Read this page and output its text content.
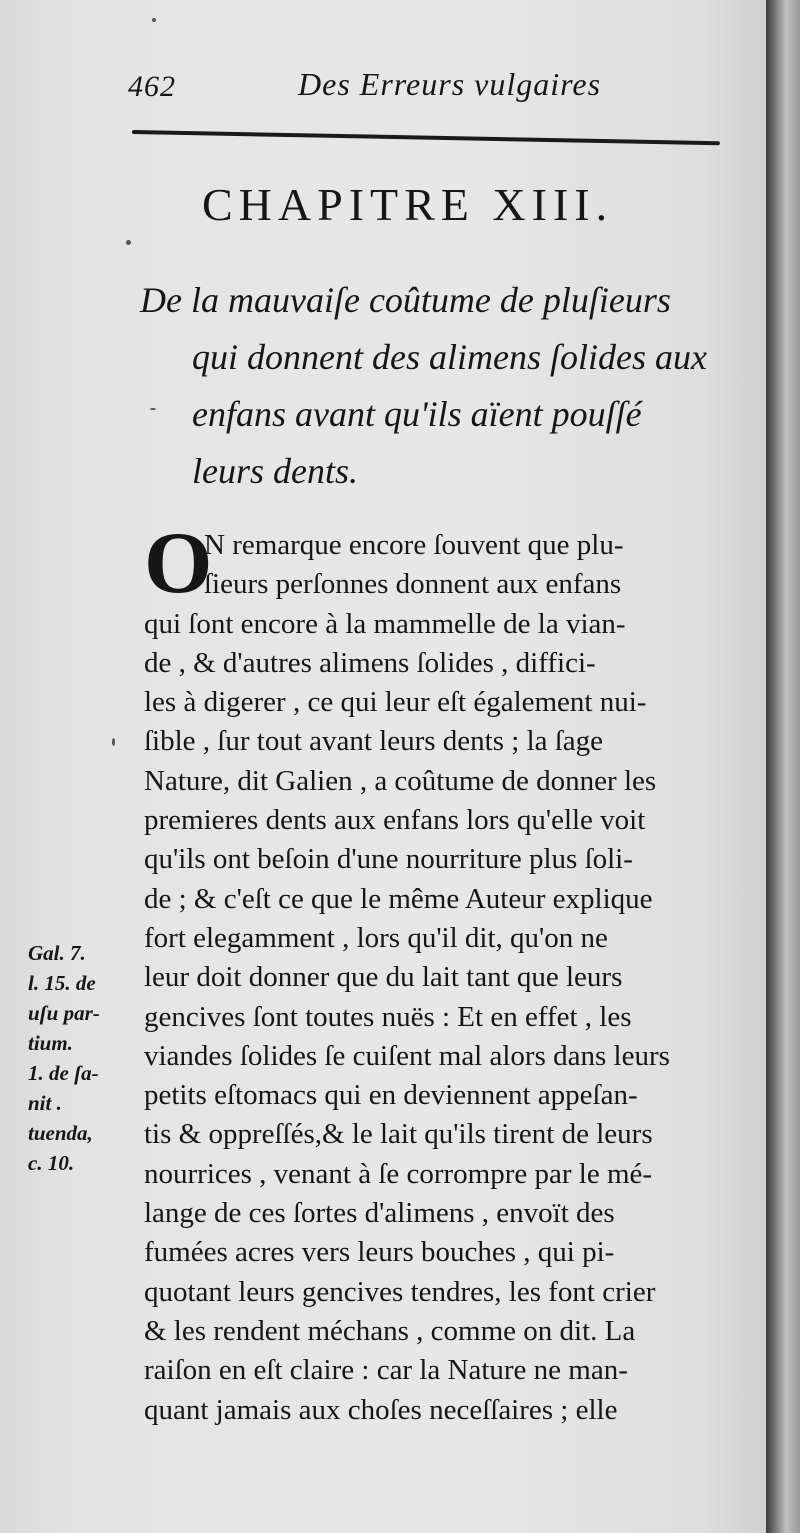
462	Des Erreurs vulgaires
CHAPITRE XIII.
De la mauvaiſe coûtume de pluſieurs
qui donnent des alimens ſolides aux
enfans avant qu'ils aïent pouſſé
leurs dents.
O
N remarque encore ſouvent que plu-
ſieurs perſonnes donnent aux enfans
qui ſont encore à la mammelle de la vian-
de , & d'autres alimens ſolides , diffici-
les à digerer , ce qui leur eſt également nui-
ſible , ſur tout avant leurs dents ; la ſage
Nature, dit Galien , a coûtume de donner les
premieres dents aux enfans lors qu'elle voit
qu'ils ont beſoin d'une nourriture plus ſoli-
de ; & c'eſt ce que le même Auteur explique
fort elegamment , lors qu'il dit, qu'on ne
leur doit donner que du lait tant que leurs
gencives ſont toutes nuës : Et en effet , les
viandes ſolides ſe cuiſent mal alors dans leurs
petits eſtomacs qui en deviennent appeſan-
tis & oppreſſés,& le lait qu'ils tirent de leurs
nourrices , venant à ſe corrompre par le mé-
lange de ces ſortes d'alimens , envoït des
fumées acres vers leurs bouches , qui pi-
quotant leurs gencives tendres, les font crier
& les rendent méchans , comme on dit. La
raiſon en eſt claire : car la Nature ne man-
quant jamais aux choſes neceſſaires ; elle
Gal. 7.
l. 15. de
uſu par-
tium.
1. de ſa-
nit .
tuenda,
c. 10.
